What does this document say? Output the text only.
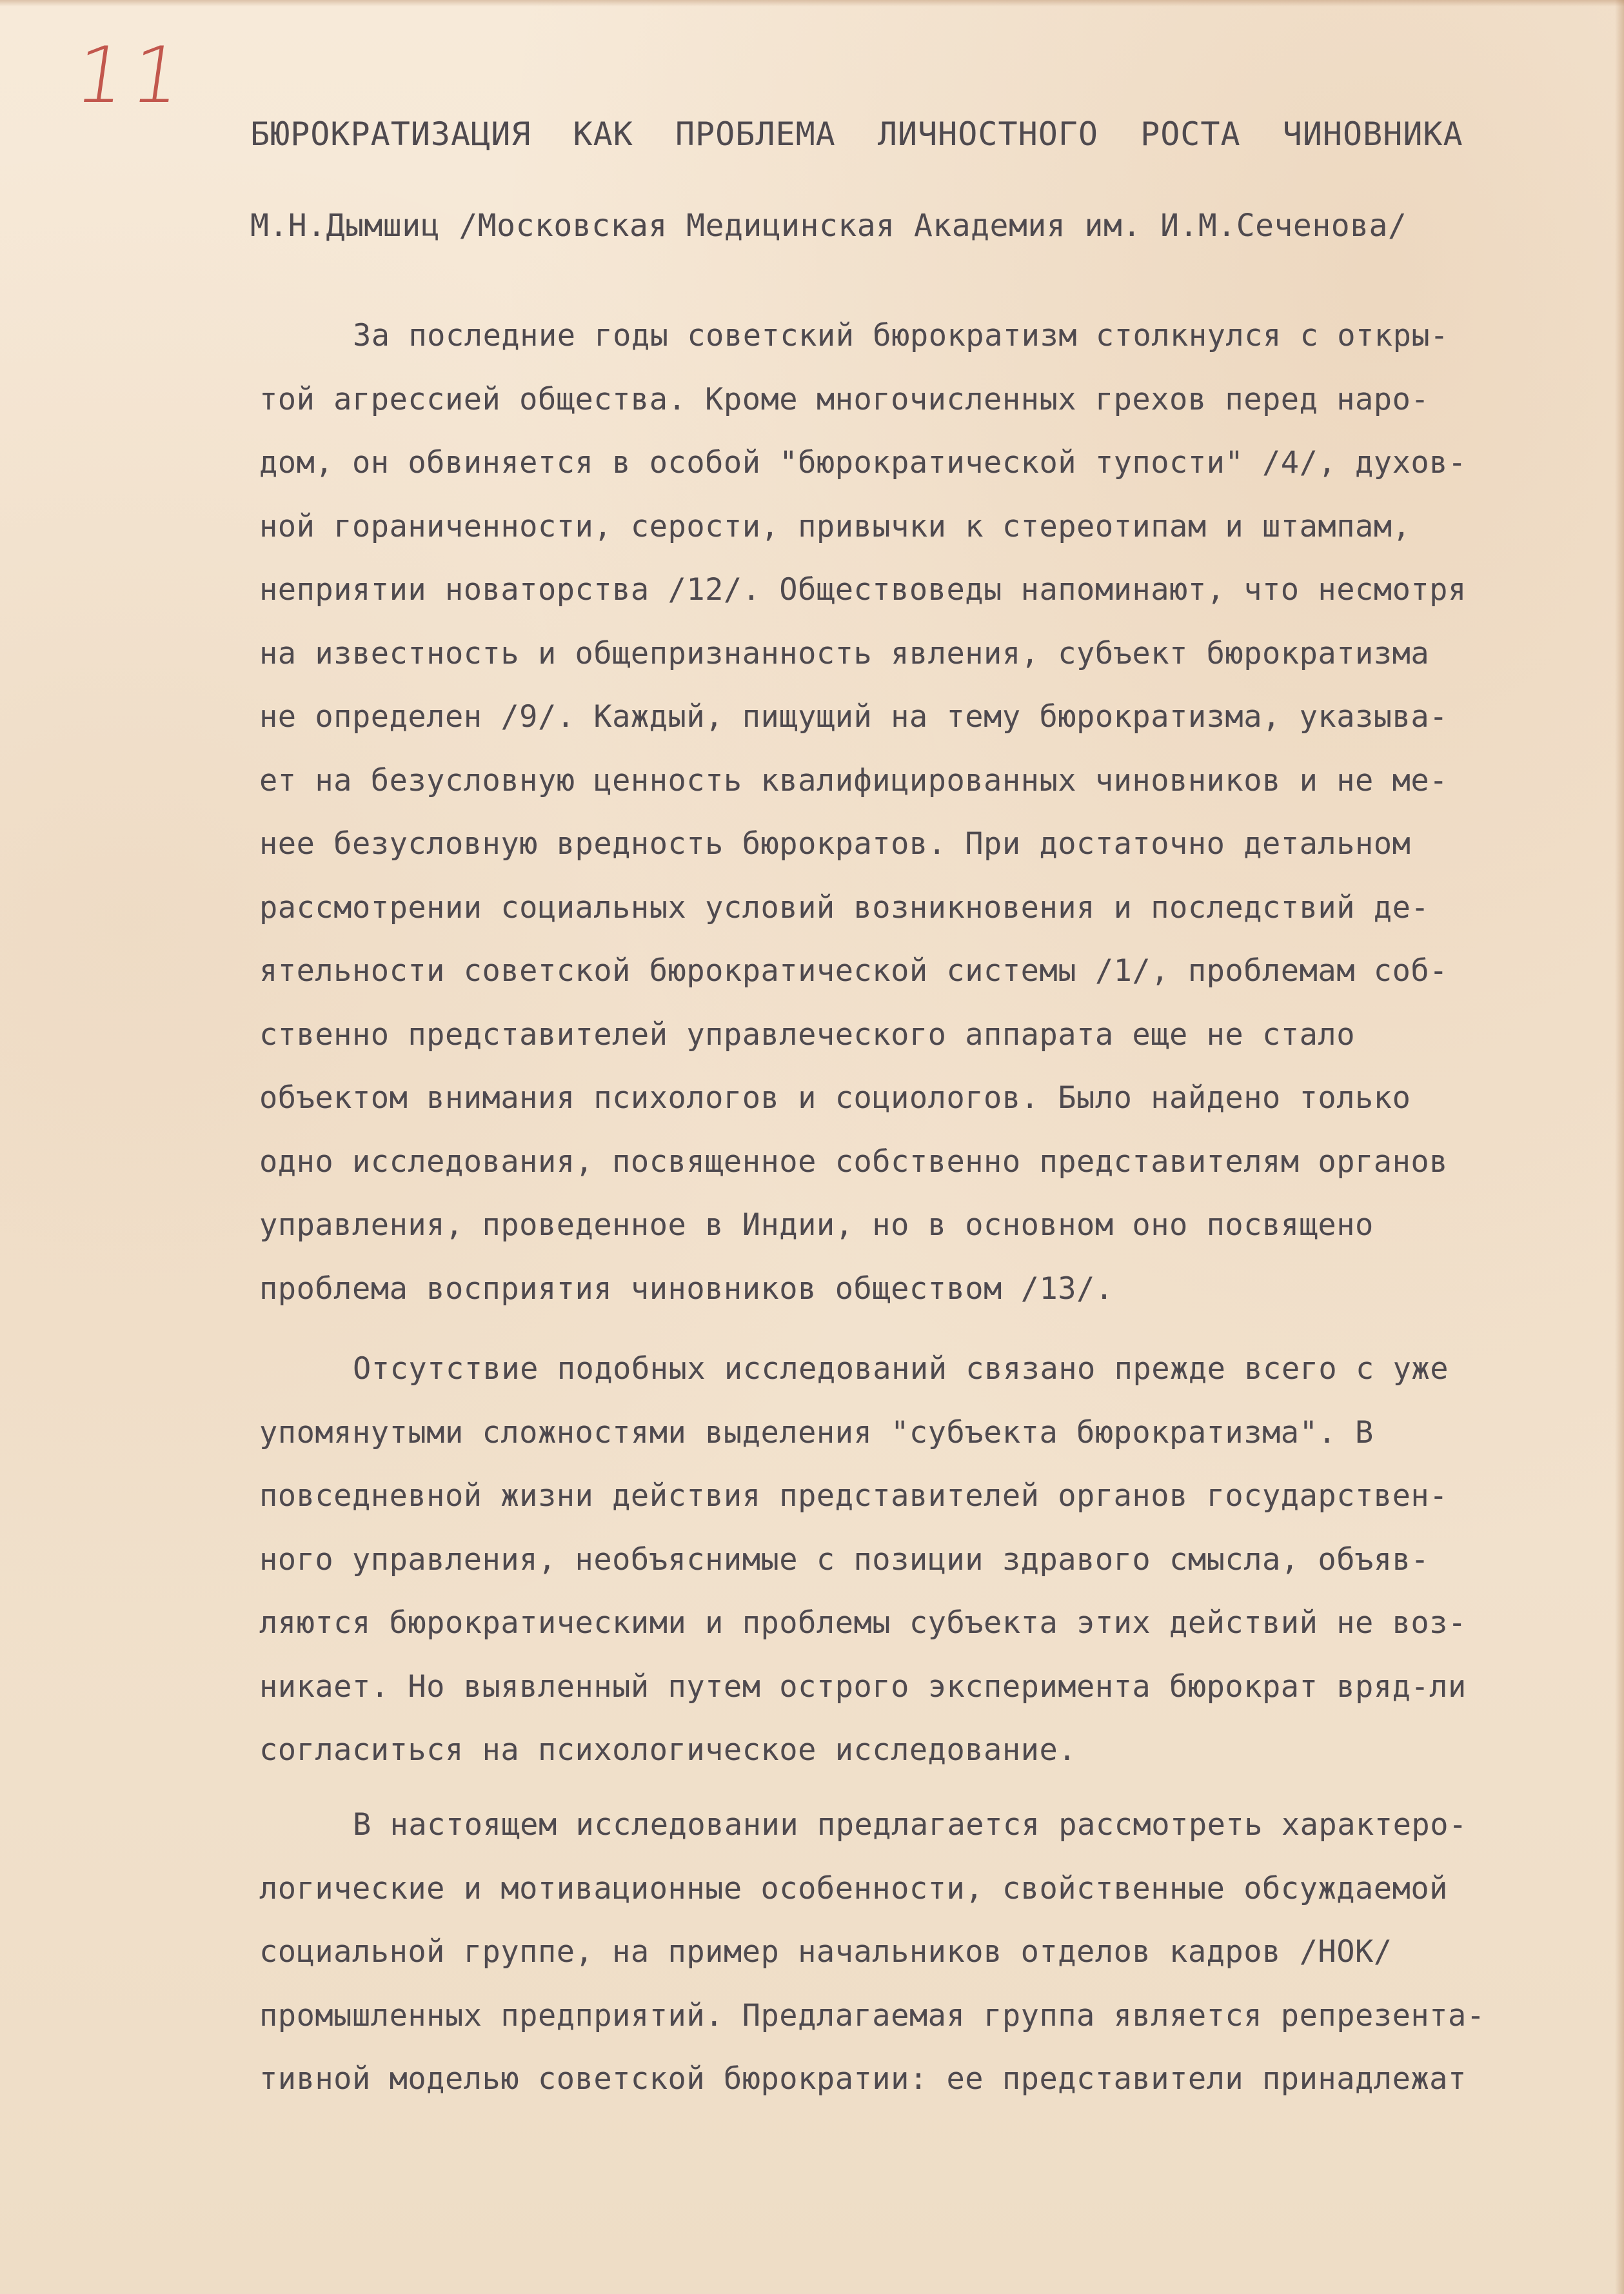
11
БЮРОКРАТИЗАЦИЯ КАК ПРОБЛЕМА ЛИЧНОСТНОГО РОСТА ЧИНОВНИКА
М.Н.Дымшиц /Московская Медицинская Академия им. И.М.Сеченова/
За последние годы советский бюрократизм столкнулся с откры-
той агрессией общества. Кроме многочисленных грехов перед наро-
дом, он обвиняется в особой "бюрократической тупости" /4/, духов-
ной гораниченности, серости, привычки к стереотипам и штампам,
неприятии новаторства /12/. Обществоведы напоминают, что несмотря
на известность и общепризнанность явления, субъект бюрократизма
не определен /9/. Каждый, пищущий на тему бюрократизма, указыва-
ет на безусловную ценность квалифицированных чиновников и не ме-
нее безусловную вредность бюрократов. При достаточно детальном
рассмотрении социальных условий возникновения и последствий де-
ятельности советской бюрократической системы /1/, проблемам соб-
ственно представителей управлеческого аппарата еще не стало
объектом внимания психологов и социологов. Было найдено только
одно исследования, посвященное собственно представителям органов
управления, проведенное в Индии, но в основном оно посвящено
проблема восприятия чиновников обществом /13/.
Отсутствие подобных исследований связано прежде всего с уже
упомянутыми сложностями выделения "субъекта бюрократизма". В
повседневной жизни действия представителей органов государствен-
ного управления, необъяснимые с позиции здравого смысла, объяв-
ляются бюрократическими и проблемы субъекта этих действий не воз-
никает. Но выявленный путем острого эксперимента бюрократ вряд-ли
согласиться на психологическое исследование.
В настоящем исследовании предлагается рассмотреть характеро-
логические и мотивационные особенности, свойственные обсуждаемой
социальной группе, на пример начальников отделов кадров /НОК/
промышленных предприятий. Предлагаемая группа является репрезента-
тивной моделью советской бюрократии: ее представители принадлежат
